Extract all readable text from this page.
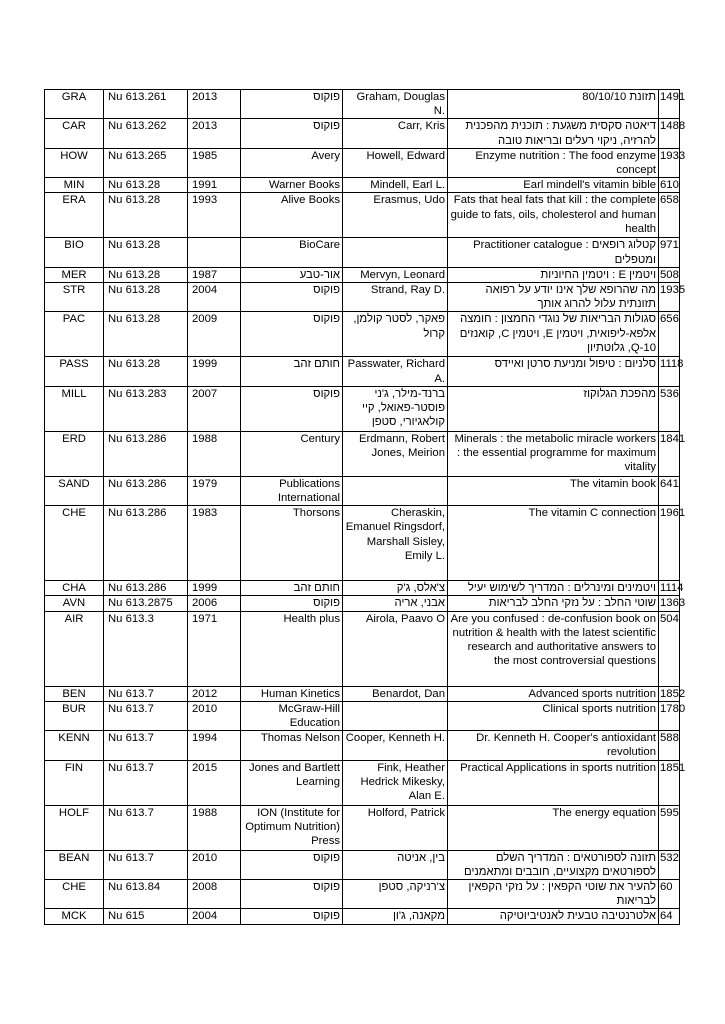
GRA	Nu 613.261	2013	פוקוס	Graham, Douglas N.	תזונת 80/10/10	1491
CAR	Nu 613.262	2013	פוקוס	Carr, Kris	דיאטה סקסית משגעת : תוכנית מהפכנית להרזיה, ניקוי רעלים ובריאות טובה	1488
HOW	Nu 613.265	1985	Avery	Howell, Edward	Enzyme nutrition : The food enzyme concept	1933
MIN	Nu 613.28	1991	Warner Books	Mindell, Earl L.	Earl mindell's vitamin bible	610
ERA	Nu 613.28	1993	Alive Books	Erasmus, Udo	Fats that heal fats that kill : the complete guide to fats, oils, cholesterol and human health	658
BIO	Nu 613.28		BioCare		קטלוג רופאים : Practitioner catalogue ומטפלים	971
MER	Nu 613.28	1987	אור-טבע	Mervyn, Leonard	ויטמין E : ויטמין החיוניות	508
STR	Nu 613.28	2004	פוקוס	Strand, Ray D.	מה שהרופא שלך אינו יודע על רפואה תזונתית עלול להרוג אותך	1935
PAC	Nu 613.28	2009	פוקוס	פאקר, לסטר קולמן, קרול	סגולות הבריאות של נוגדי החמצון : חומצה אלפא-ליפואית, ויטמין E, ויטמין C, קואנזים Q-10, גלוטתיון	656
PASS	Nu 613.28	1999	חותם זהב	Passwater, Richard A.	סלניום : טיפול ומניעת סרטן ואיידס	1118
MILL	Nu 613.283	2007	פוקוס	ברנד-מילר, ג'ני פוסטר-פאואל, קיי קולאגיורי, סטפן	מהפכת הגלוקוז	536
ERD	Nu 613.286	1988	Century	Erdmann, Robert Jones, Meirion	Minerals : the metabolic miracle workers : the essential programme for maximum vitality	1841
SAND	Nu 613.286	1979	Publications International		The vitamin book	641
CHE	Nu 613.286	1983	Thorsons	Cheraskin, Emanuel Ringsdorf, Marshall Sisley, Emily L.	The vitamin C connection	1961
CHA	Nu 613.286	1999	חותם זהב	צ'אלס, ג'ק	ויטמינים ומינרלים : המדריך לשימוש יעיל	1114
AVN	Nu 613.2875	2006	פוקוס	אבני, אריה	שוטי החלב : על נזקי החלב לבריאות	1363
AIR	Nu 613.3	1971	Health plus	Airola, Paavo O	Are you confused : de-confusion book on nutrition & health with the latest scientific research and authoritative answers to the most controversial questions	504
BEN	Nu 613.7	2012	Human Kinetics	Benardot, Dan	Advanced sports nutrition	1852
BUR	Nu 613.7	2010	McGraw-Hill Education		Clinical sports nutrition	1780
KENN	Nu 613.7	1994	Thomas Nelson	Cooper, Kenneth H.	Dr. Kenneth H. Cooper's antioxidant revolution	588
FIN	Nu 613.7	2015	Jones and Bartlett Learning	Fink, Heather Hedrick Mikesky, Alan E.	Practical Applications in sports nutrition	1851
HOLF	Nu 613.7	1988	ION (Institute for Optimum Nutrition) Press	Holford, Patrick	The energy equation	595
BEAN	Nu 613.7	2010	פוקוס	בין, אניטה	תזונה לספורטאים : המדריך השלם לספורטאים מקצועיים, חובבים ומתאמנים	532
CHE	Nu 613.84	2008	פוקוס	צ'רניקה, סטפן	להעיר את שוטי הקפאין : על נזקי הקפאין לבריאות	60
MCK	Nu 615	2004	פוקוס	מקאנה, ג'ון	אלטרנטיבה טבעית לאנטיביוטיקה	64
